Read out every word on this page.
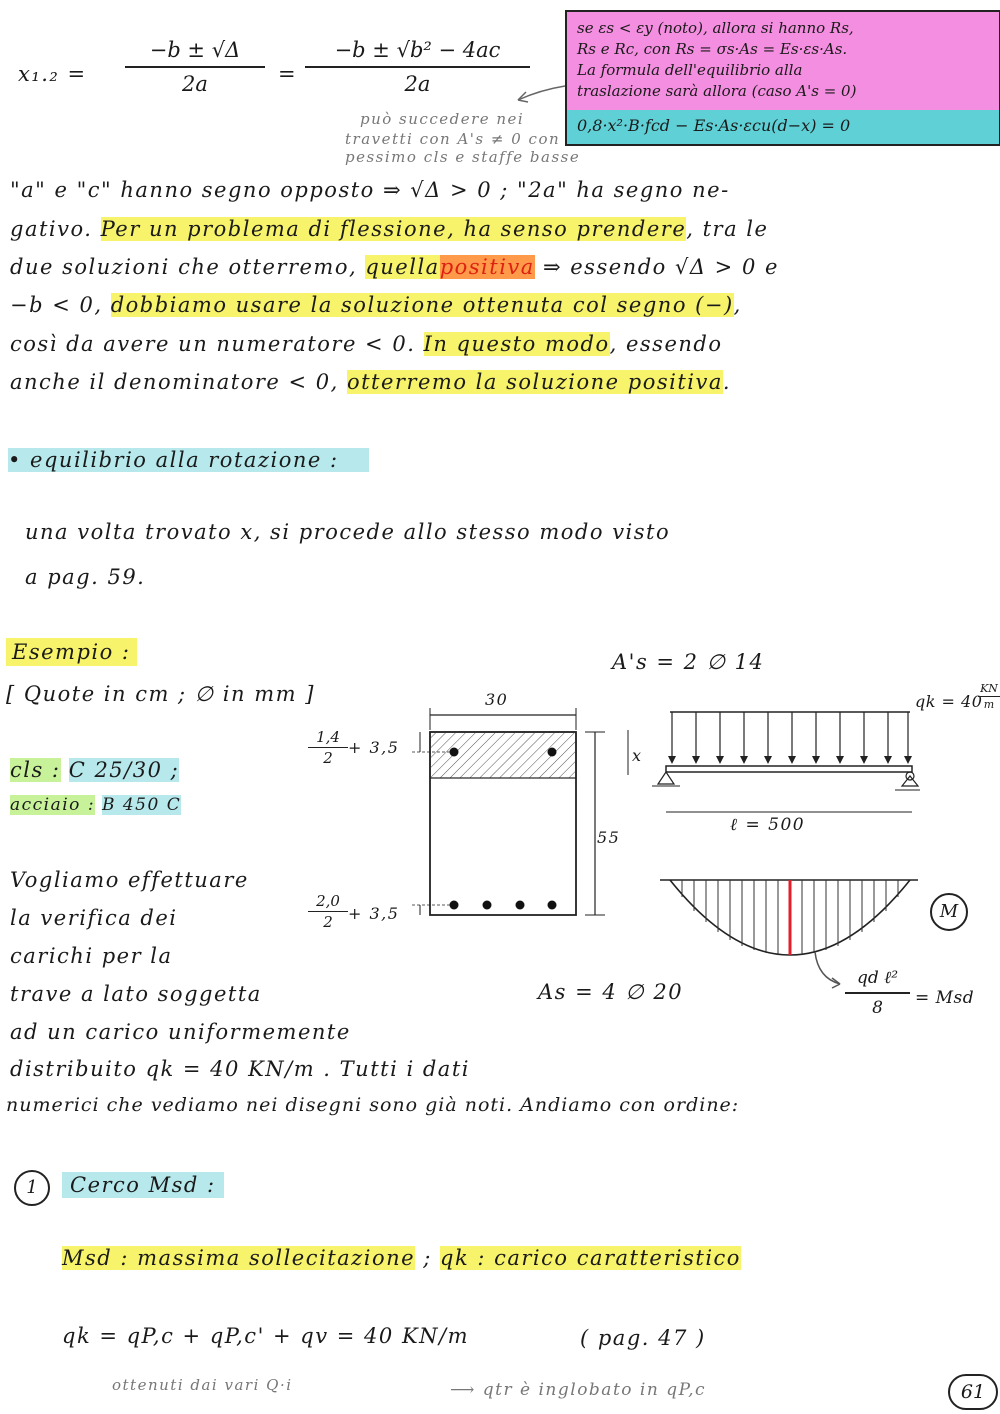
$x_1._2 = \frac{-b \pm √\Delta}{2a} = \frac{\text{−b ± √b² − 4ac}}{2a}$
se εs < εy (noto), allora si hanno Rs,
Rs e Rc, con Rs = σs·As = Es·εs·As.
La formula dell'equilibrio alla
traslazione sarà allora (caso A's = 0)
0,8·x²·B·fcd − Es·As·εcu(d−x) = 0
può succedere nei
travetti con A's ≠ 0 con
pessimo cls e staffe basse
"a" e "c" hanno segno opposto ⇒ √Δ > 0 ; "2a" ha segno ne-
gativo. Per un problema di flessione, ha senso prendere, tra le
due soluzioni che otterremo, quellapositiva ⇒ essendo √Δ > 0 e
−b < 0, dobbiamo usare la soluzione ottenuta col segno (−),
così da avere un numeratore < 0. In questo modo, essendo
anche il denominatore < 0, otterremo la soluzione positiva.
• equilibrio alla rotazione :
una volta trovato x, si procede allo stesso modo visto
a pag. 59.
Esempio :
[ Quote in cm ; ∅ in mm ]
cls : C 25/30 ;
acciaio : B 450 C
Vogliamo effettuare
la verifica dei
carichi per la
trave a lato soggetta
ad un carico uniformemente
distribuito qk = 40 KN/m . Tutti i dati
numerici che vediamo nei disegni sono già noti. Andiamo con ordine:
A's = 2 ∅ 14
30
55
$\frac{1,4}{2} + 3,5$
$\frac{2,0}{2} + 3,5$
As = 4 ∅ 20
x
qk = 40
$\frac{KN}{m}$
ℓ = 500
M
qd ℓ²
8	= Msd
1	Cerco Msd :
Msd : massima sollecitazione ; qk : carico caratteristico
qk = qP,c + qP,c' + qv = 40 KN/m	( pag. 47 )
ottenuti dai vari Q·i	⟶ qtr è inglobato in qP,c	61
